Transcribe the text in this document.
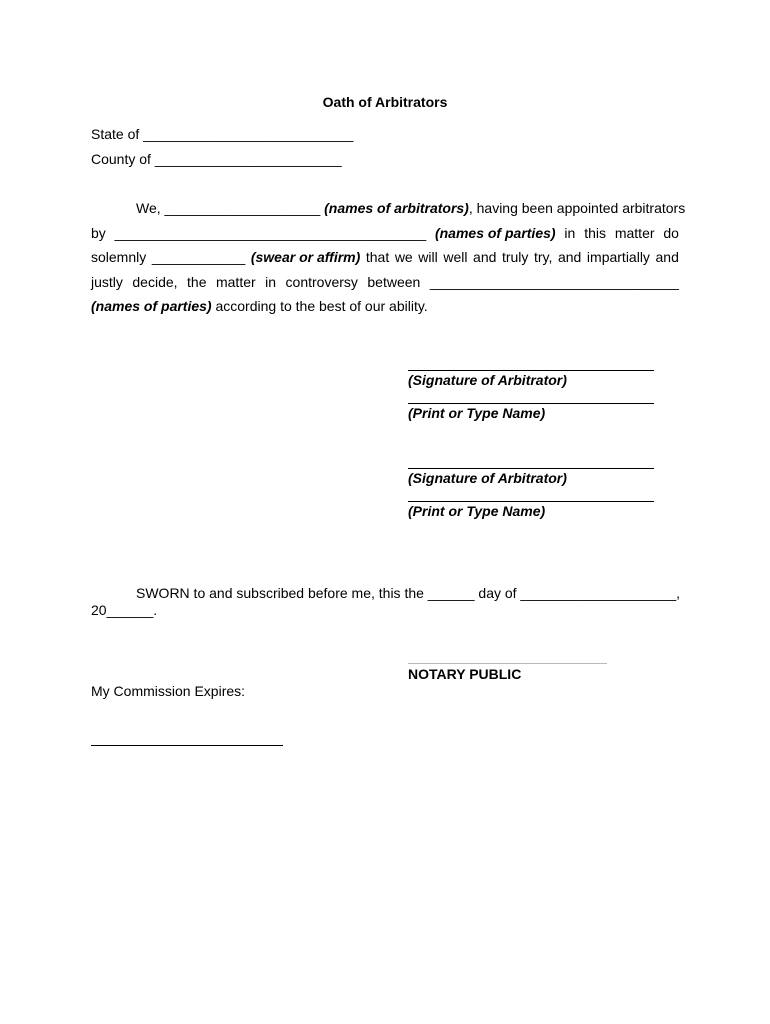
Oath of Arbitrators
State of ___________________________
County of ________________________
We, ____________________ (names of arbitrators), having been appointed arbitrators
by ________________________________________ (names of parties) in this matter do
solemnly ____________ (swear or affirm) that we will well and truly try, and impartially and
justly decide, the matter in controversy between ________________________________
(names of parties) according to the best of our ability.
(Signature of Arbitrator)
(Print or Type Name)
(Signature of Arbitrator)
(Print or Type Name)
SWORN to and subscribed before me, this the ______ day of ____________________,
20______.
NOTARY PUBLIC
My Commission Expires:
